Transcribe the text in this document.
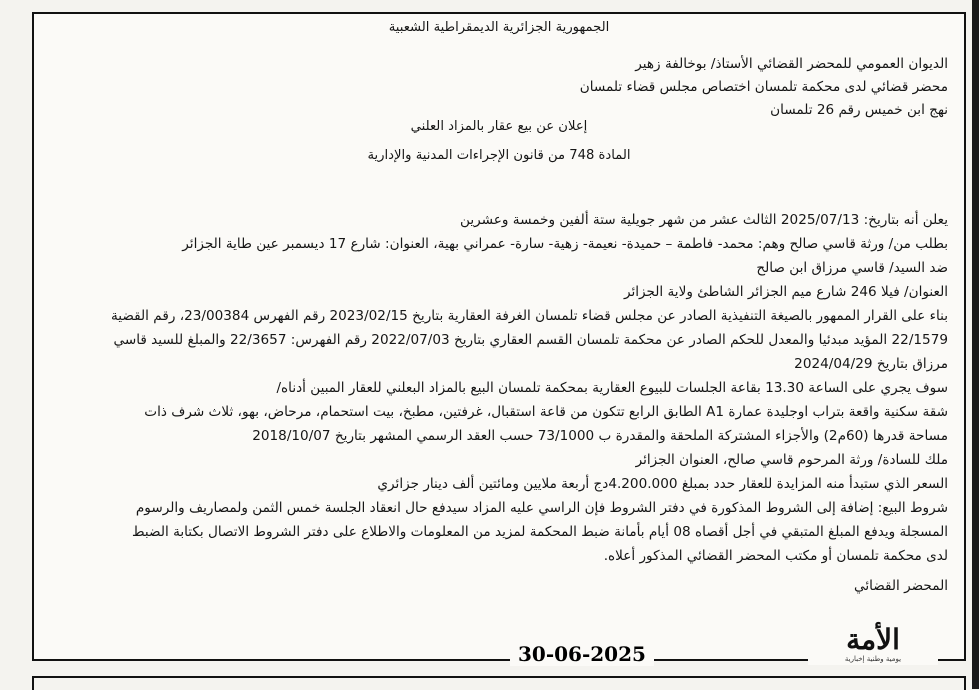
الجمهورية الجزائرية الديمقراطية الشعبية
الديوان العمومي للمحضر القضائي الأستاذ/ بوخالفة زهير
محضر قضائي لدى محكمة تلمسان اختصاص مجلس قضاء تلمسان
نهج ابن خميس رقم 26 تلمسان
إعلان عن بيع عقار بالمزاد العلني
المادة 748 من قانون الإجراءات المدنية والإدارية
يعلن أنه بتاريخ: 2025/07/13 الثالث عشر من شهر جويلية ستة ألفين وخمسة وعشرين
بطلب من/ ورثة قاسي صالح وهم: محمد- فاطمة – حميدة- نعيمة- زهية- سارة- عمراني بهية، العنوان: شارع 17 ديسمبر عين طاية الجزائر
ضد السيد/ قاسي مرزاق ابن صالح
العنوان/ فيلا 246 شارع ميم الجزائر الشاطئ ولاية الجزائر
بناء على القرار الممهور بالصيغة التنفيذية الصادر عن مجلس قضاء تلمسان الغرفة العقارية بتاريخ 2023/02/15 رقم الفهرس 23/00384، رقم القضية
22/1579 المؤيد مبدئيا والمعدل للحكم الصادر عن محكمة تلمسان القسم العقاري بتاريخ 2022/07/03 رقم الفهرس: 22/3657 والمبلغ للسيد قاسي
مرزاق بتاريخ 2024/04/29
سوف يجري على الساعة 13.30 بقاعة الجلسات للبيوع العقارية بمحكمة تلمسان البيع بالمزاد البعلني للعقار المبين أدناه/
شقة سكنية واقعة بتراب اوجليدة عمارة A1 الطابق الرابع تتكون من قاعة استقبال، غرفتين، مطبخ، بيت استحمام، مرحاض، بهو، ثلاث شرف ذات
مساحة قدرها (60م2) والأجزاء المشتركة الملحقة والمقدرة ب 73/1000 حسب العقد الرسمي المشهر بتاريخ 2018/10/07
ملك للسادة/ ورثة المرحوم قاسي صالح، العنوان الجزائر
السعر الذي ستبدأ منه المزايدة للعقار حدد بمبلغ 4.200.000دج أربعة ملايين ومائتين ألف دينار جزائري
شروط البيع: إضافة إلى الشروط المذكورة في دفتر الشروط فإن الراسي عليه المزاد سيدفع حال انعقاد الجلسة خمس الثمن ولمصاريف والرسوم
المسجلة ويدفع المبلغ المتبقي في أجل أقصاه 08 أيام بأمانة ضبط المحكمة لمزيد من المعلومات والاطلاع على دفتر الشروط الاتصال بكتابة الضبط
لدى محكمة تلمسان أو مكتب المحضر القضائي المذكور أعلاه.
المحضر القضائي
30-06-2025	الأمة
يومية وطنية إخبارية
